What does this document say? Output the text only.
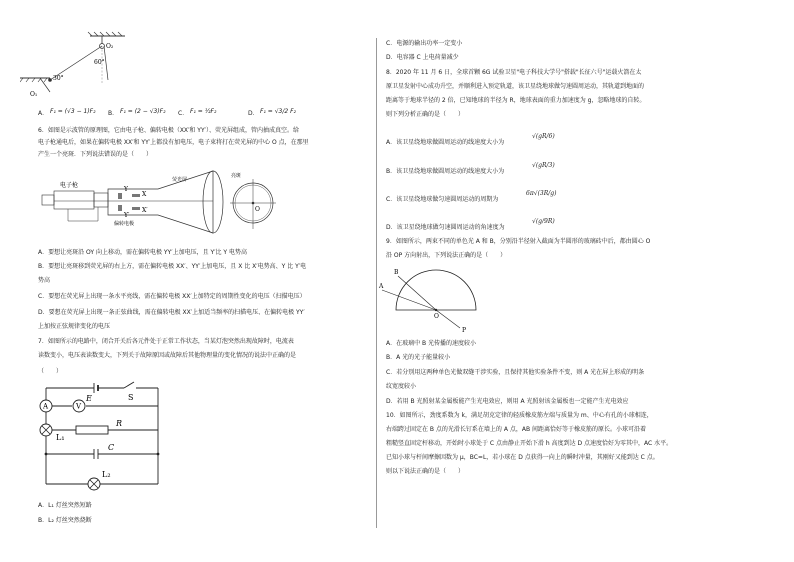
O₂
O₁
30°
60°
A． F₁ = (√3 − 1)F₂ B． F₁ = (2 − √3)F₂ C． F₁ = ½F₂	D． F₁ = √3/2 F₂
6．如图是示波管的原理图，它由电子枪、偏转电极（XX′和 YY′）、荧光屏组成，管内抽成真空。给
电子枪通电后，如果在偏转电极 XX′和 YY′上都没有加电压，电子束将打在荧光屏的中心 O 点，在那里
产生一个亮斑．下列说法错误的是（　　）
电子枪
荧光屏
亮斑
偏转电极
X
X′
Y
Y′
O
A．要想让亮斑沿 OY 向上移动，需在偏转电极 YY′上加电压，且 Y′比 Y 电势高
B．要想让亮斑移到荧光屏的右上方，需在偏转电极 XX′、YY′上加电压，且 X 比 X′电势高、Y 比 Y′电
势高
C．要想在荧光屏上出现一条水平亮线，需在偏转电极 XX′上加特定的周期性变化的电压（扫描电压）
D．要想在荧光屏上出现一条正弦曲线，需在偏转电极 XX′上加适当频率的扫描电压、在偏转电极 YY′
上加按正弦规律变化的电压
7．如图所示的电路中，闭合开关后各元件处于正常工作状态，当某灯泡突然出现故障时，电流表
读数变小，电压表读数变大，下列关于故障原因或故障后其他物理量的变化情况的说法中正确的是
（　　）
A	V
E	S
L₁
R
C
L₂
A．L₁ 灯丝突然短路
B．L₂ 灯丝突然烧断
C．电源的输出功率一定变小
D．电容器 C 上电荷量减少
8．2020 年 11 月 6 日，全球首颗 6G 试验卫星"电子科技大学号"搭载"长征六号"运载火箭在太
原卫星发射中心成功升空，并顺利进入预定轨道，该卫星绕地球做匀速圆周运动，其轨道到地面的
距离等于地球半径的 2 倍，已知地球的半径为 R，地球表面的重力加速度为 g，忽略地球的自转。
则下列分析正确的是（　　）
A．该卫星绕地球做圆周运动的线速度大小为
√(gR/6)
B．该卫星绕地球做圆周运动的线速度大小为
√(gR/3)
C．该卫星绕地球做匀速圆周运动的周期为
6π√(3R/g)
D．该卫星绕地球做匀速圆周运动的角速度为
√(g/9R)
9．如图所示，两束不同的单色光 A 和 B，分别沿半径射入截面为半圆形的玻璃砖中后，都由圆心 O
沿 OP 方向射出，下列说法正确的是（　　）
A
B
O
P
A．在玻璃中 B 光传播的速度较小
B．A 光的光子能量较小
C．若分别用这两种单色光做双缝干涉实验，且保持其他实验条件不变，则 A 光在屏上形成的明条
纹宽度较小
D．若用 B 光照射某金属板能产生光电效应，则用 A 光照射该金属板也一定能产生光电效应
10．如图所示，劲度系数为 k，满足胡克定律的轻质橡皮筋左端与质量为 m、中心有孔的小球相连，
右端跨过固定在 B 点的光滑长钉系在墙上的 A 点，AB 间距离恰好等于橡皮筋的原长。小球可沿着
粗糙竖直固定杆移动，开始时小球处于 C 点由静止开始下滑 h 高度到达 D 点速度恰好为零其中，AC 水平。
已知小球与杆间摩擦因数为 μ，BC=L，若小球在 D 点获得一向上的瞬时冲量，其刚好又能到达 C 点。
则以下说法正确的是（　　）
